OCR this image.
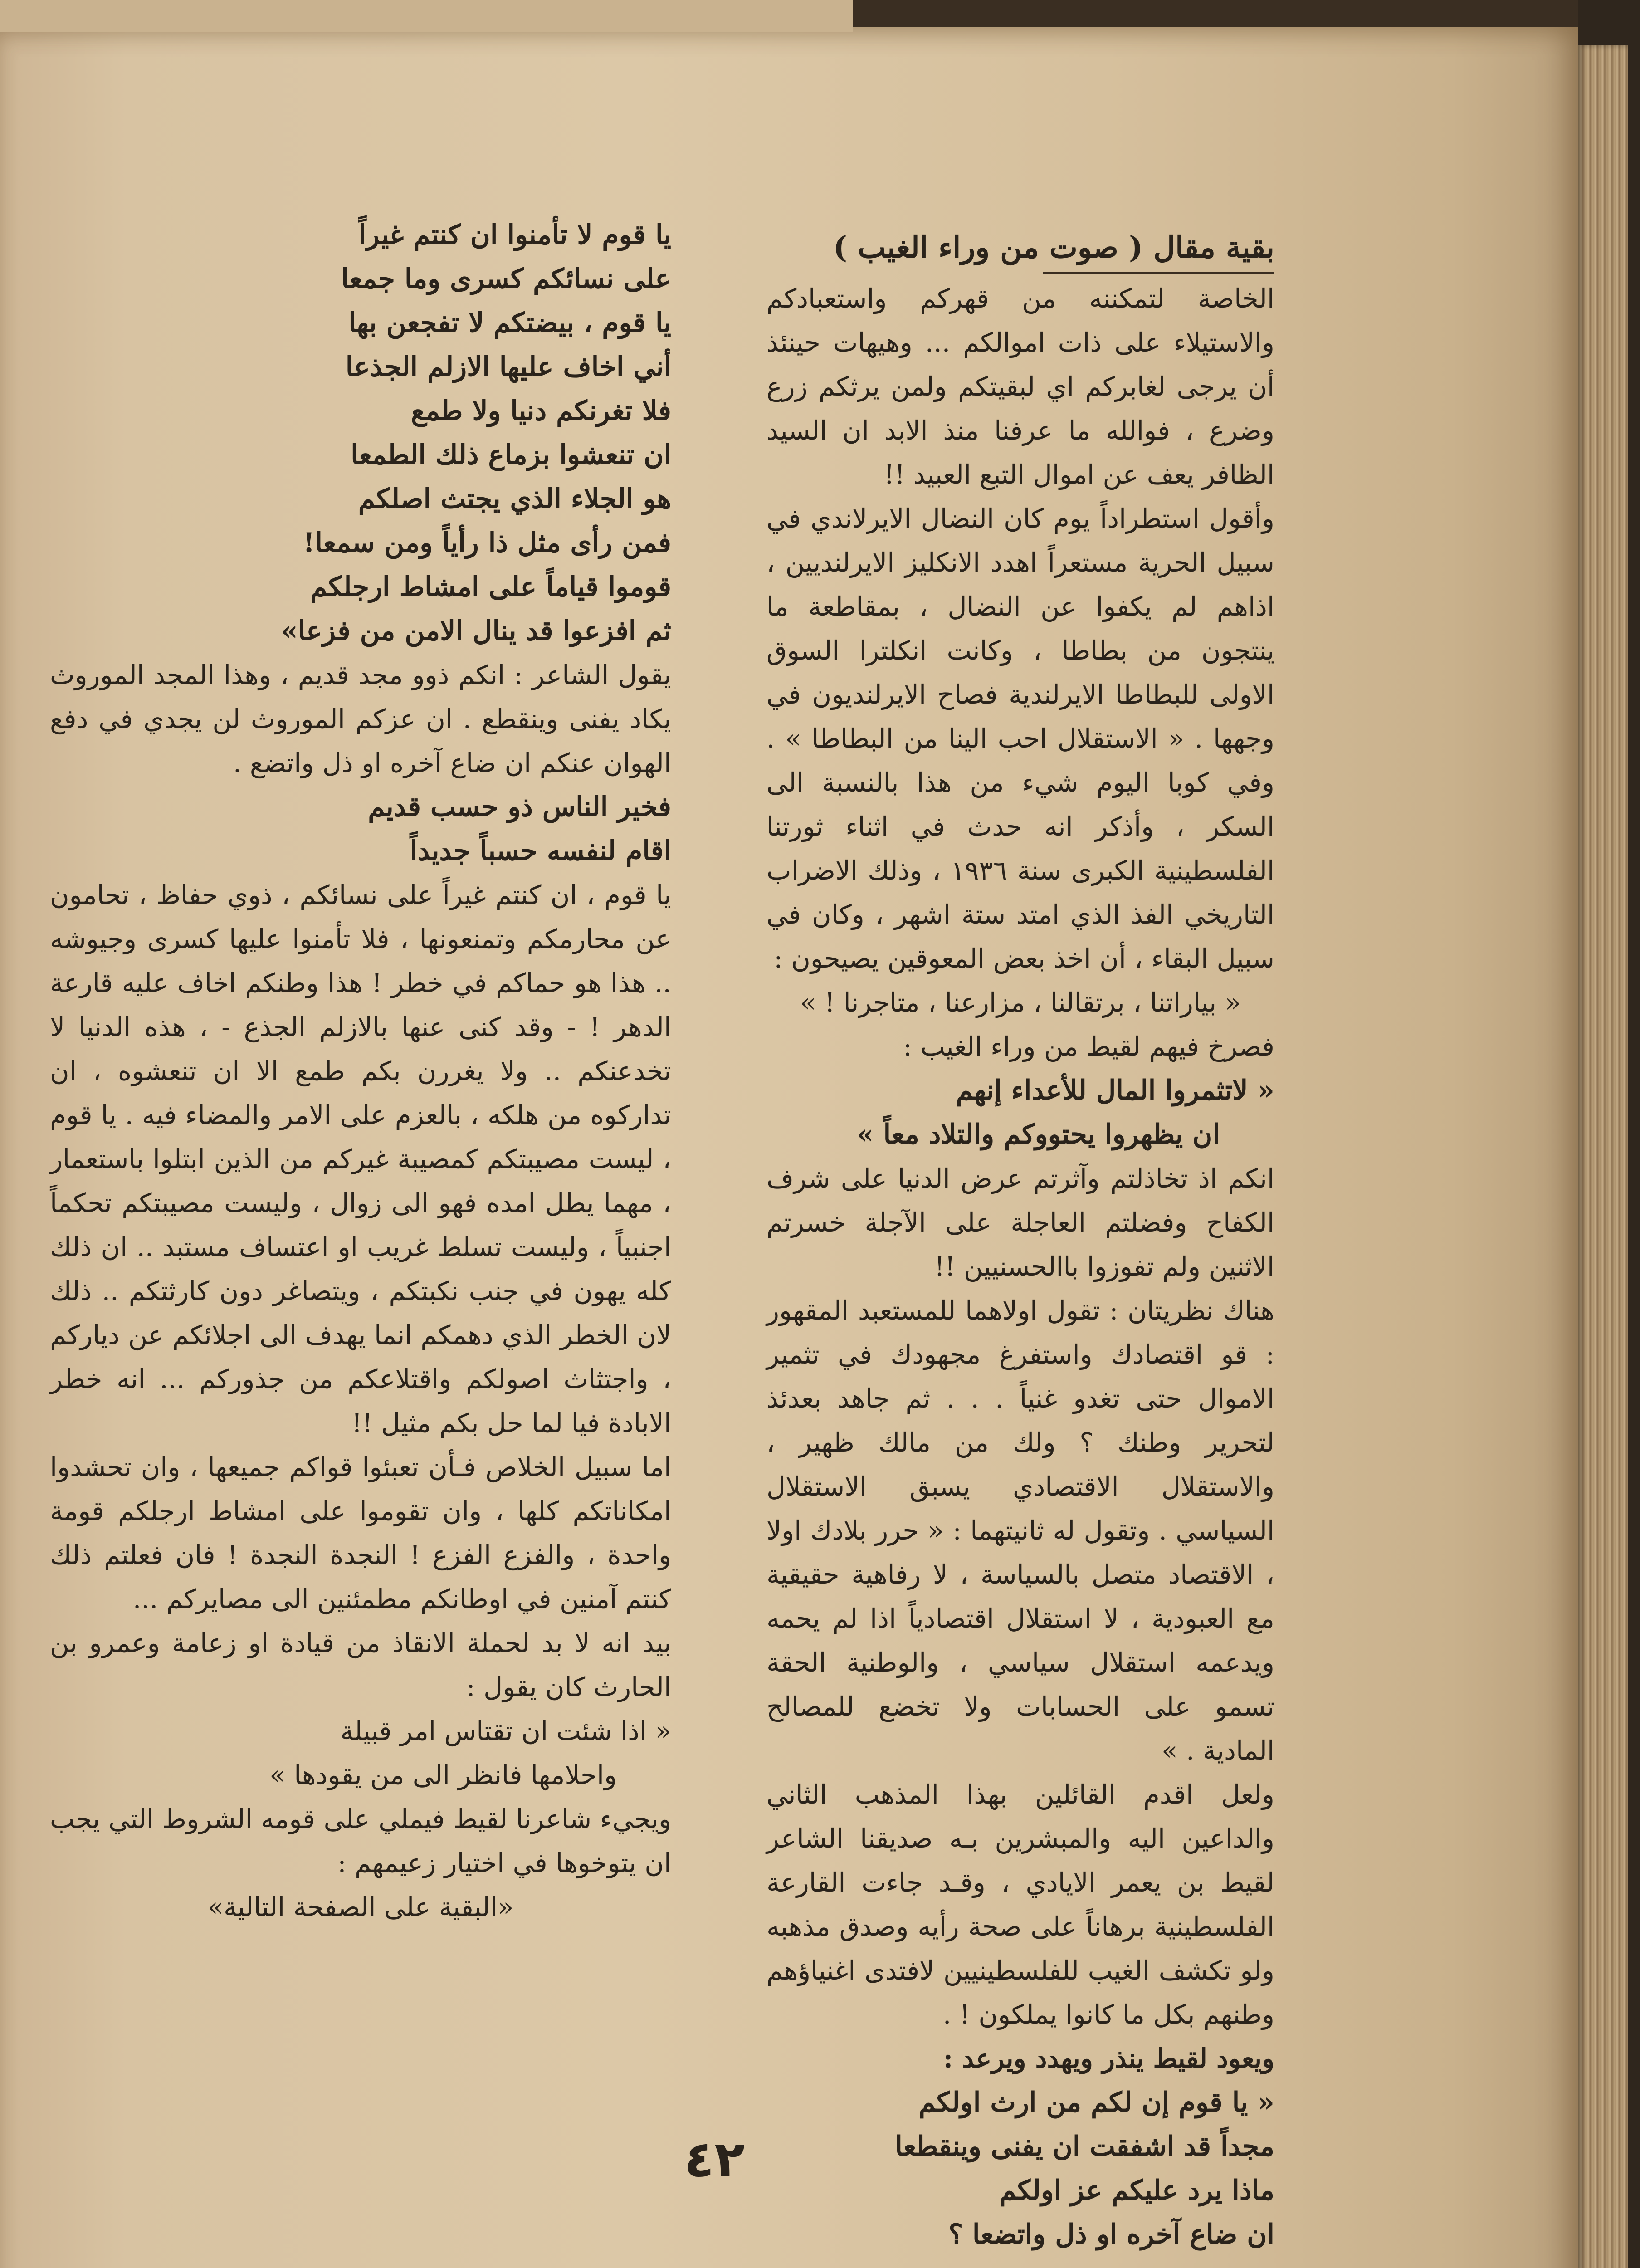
بقية مقال ( صوت من وراء الغيب )

الخاصة لتمكننه من قهركم واستعبادكم والاستيلاء على ذات اموالكم ... وهيهات حينئذ أن يرجى لغابركم اي لبقيتكم ولمن يرثكم زرع وضرع ، فوالله ما عرفنا منذ الابد ان السيد الظافر يعف عن اموال التبع العبيد !!

وأقول استطراداً يوم كان النضال الايرلاندي في سبيل الحرية مستعراً اهدد الانكليز الايرلنديين ، اذاهم لم يكفوا عن النضال ، بمقاطعة ما ينتجون من بطاطا ، وكانت انكلترا السوق الاولى للبطاطا الايرلندية فصاح الايرلنديون في وجهها . « الاستقلال احب الينا من البطاطا » . وفي كوبا اليوم شيء من هذا بالنسبة الى السكر ، وأذكر انه حدث في اثناء ثورتنا الفلسطينية الكبرى سنة ١٩٣٦ ، وذلك الاضراب التاريخي الفذ الذي امتد ستة اشهر ، وكان في سبيل البقاء ، أن اخذ بعض المعوقين يصيحون :

« بياراتنا ، برتقالنا ، مزارعنا ، متاجرنا ! »

فصرخ فيهم لقيط من وراء الغيب :

« لاتثمروا المال للأعداء إنهم

ان يظهروا يحتووكم والتلاد معاً »

انكم اذ تخاذلتم وآثرتم عرض الدنيا على شرف الكفاح وفضلتم العاجلة على الآجلة خسرتم الاثنين ولم تفوزوا باالحسنيين !!

هناك نظريتان : تقول اولاهما للمستعبد المقهور : قو اقتصادك واستفرغ مجهودك في تثمير الاموال حتى تغدو غنياً . . . ثم جاهد بعدئذ لتحرير وطنك ؟ ولك من مالك ظهير ، والاستقلال الاقتصادي يسبق الاستقلال السياسي . وتقول له ثانيتهما : « حرر بلادك اولا ، الاقتصاد متصل بالسياسة ، لا رفاهية حقيقية مع العبودية ، لا استقلال اقتصادياً اذا لم يحمه ويدعمه استقلال سياسي ، والوطنية الحقة تسمو على الحسابات ولا تخضع للمصالح المادية . »

ولعل اقدم القائلين بهذا المذهب الثاني والداعين اليه والمبشرين بـه صديقنا الشاعر لقيط بن يعمر الايادي ، وقـد جاءت القارعة الفلسطينية برهاناً على صحة رأيه وصدق مذهبه ولو تكشف الغيب للفلسطينيين لافتدى اغنياؤهم وطنهم بكل ما كانوا يملكون ! .

ويعود لقيط ينذر ويهدد ويرعد :

« يا قوم إن لكم من ارث اولكم

مجداً قد اشفقت ان يفنى وينقطعا

ماذا يرد عليكم عز اولكم

ان ضاع آخره او ذل واتضعا ؟

يا قوم لا تأمنوا ان كنتم غيراً

على نسائكم كسرى وما جمعا

يا قوم ، بيضتكم لا تفجعن بها

أني اخاف عليها الازلم الجذعا

فلا تغرنكم دنيا ولا طمع

ان تنعشوا بزماع ذلك الطمعا

هو الجلاء الذي يجتث اصلكم

فمن رأى مثل ذا رأياً ومن سمعا!

قوموا قياماً على امشاط ارجلكم

ثم افزعوا قد ينال الامن من فزعا»

يقول الشاعر : انكم ذوو مجد قديم ، وهذا المجد الموروث يكاد يفنى وينقطع . ان عزكم الموروث لن يجدي في دفع الهوان عنكم ان ضاع آخره او ذل واتضع .

فخير الناس ذو حسب قديم

اقام لنفسه حسباً جديداً

يا قوم ، ان كنتم غيراً على نسائكم ، ذوي حفاظ ، تحامون عن محارمكم وتمنعونها ، فلا تأمنوا عليها كسرى وجيوشه .. هذا هو حماكم في خطر ! هذا وطنكم اخاف عليه قارعة الدهر ! - وقد كنى عنها بالازلم الجذع - ، هذه الدنيا لا تخدعنكم .. ولا يغررن بكم طمع الا ان تنعشوه ، ان تداركوه من هلكه ، بالعزم على الامر والمضاء فيه . يا قوم ، ليست مصيبتكم كمصيبة غيركم من الذين ابتلوا باستعمار ، مهما يطل امده فهو الى زوال ، وليست مصيبتكم تحكماً اجنبياً ، وليست تسلط غريب او اعتساف مستبد .. ان ذلك كله يهون في جنب نكبتكم ، ويتصاغر دون كارثتكم .. ذلك لان الخطر الذي دهمكم انما يهدف الى اجلائكم عن دياركم ، واجتثاث اصولكم واقتلاعكم من جذوركم ... انه خطر الابادة فيا لما حل بكم مثيل !!

اما سبيل الخلاص فـأن تعبئوا قواكم جميعها ، وان تحشدوا امكاناتكم كلها ، وان تقوموا على امشاط ارجلكم قومة واحدة ، والفزع الفزع ! النجدة النجدة ! فان فعلتم ذلك كنتم آمنين في اوطانكم مطمئنين الى مصايركم ...

بيد انه لا بد لحملة الانقاذ من قيادة او زعامة وعمرو بن الحارث كان يقول :

« اذا شئت ان تقتاس امر قبيلة

واحلامها فانظر الى من يقودها »

ويجيء شاعرنا لقيط فيملي على قومه الشروط التي يجب ان يتوخوها في اختيار زعيمهم :

«البقية على الصفحة التالية»

٤٢
